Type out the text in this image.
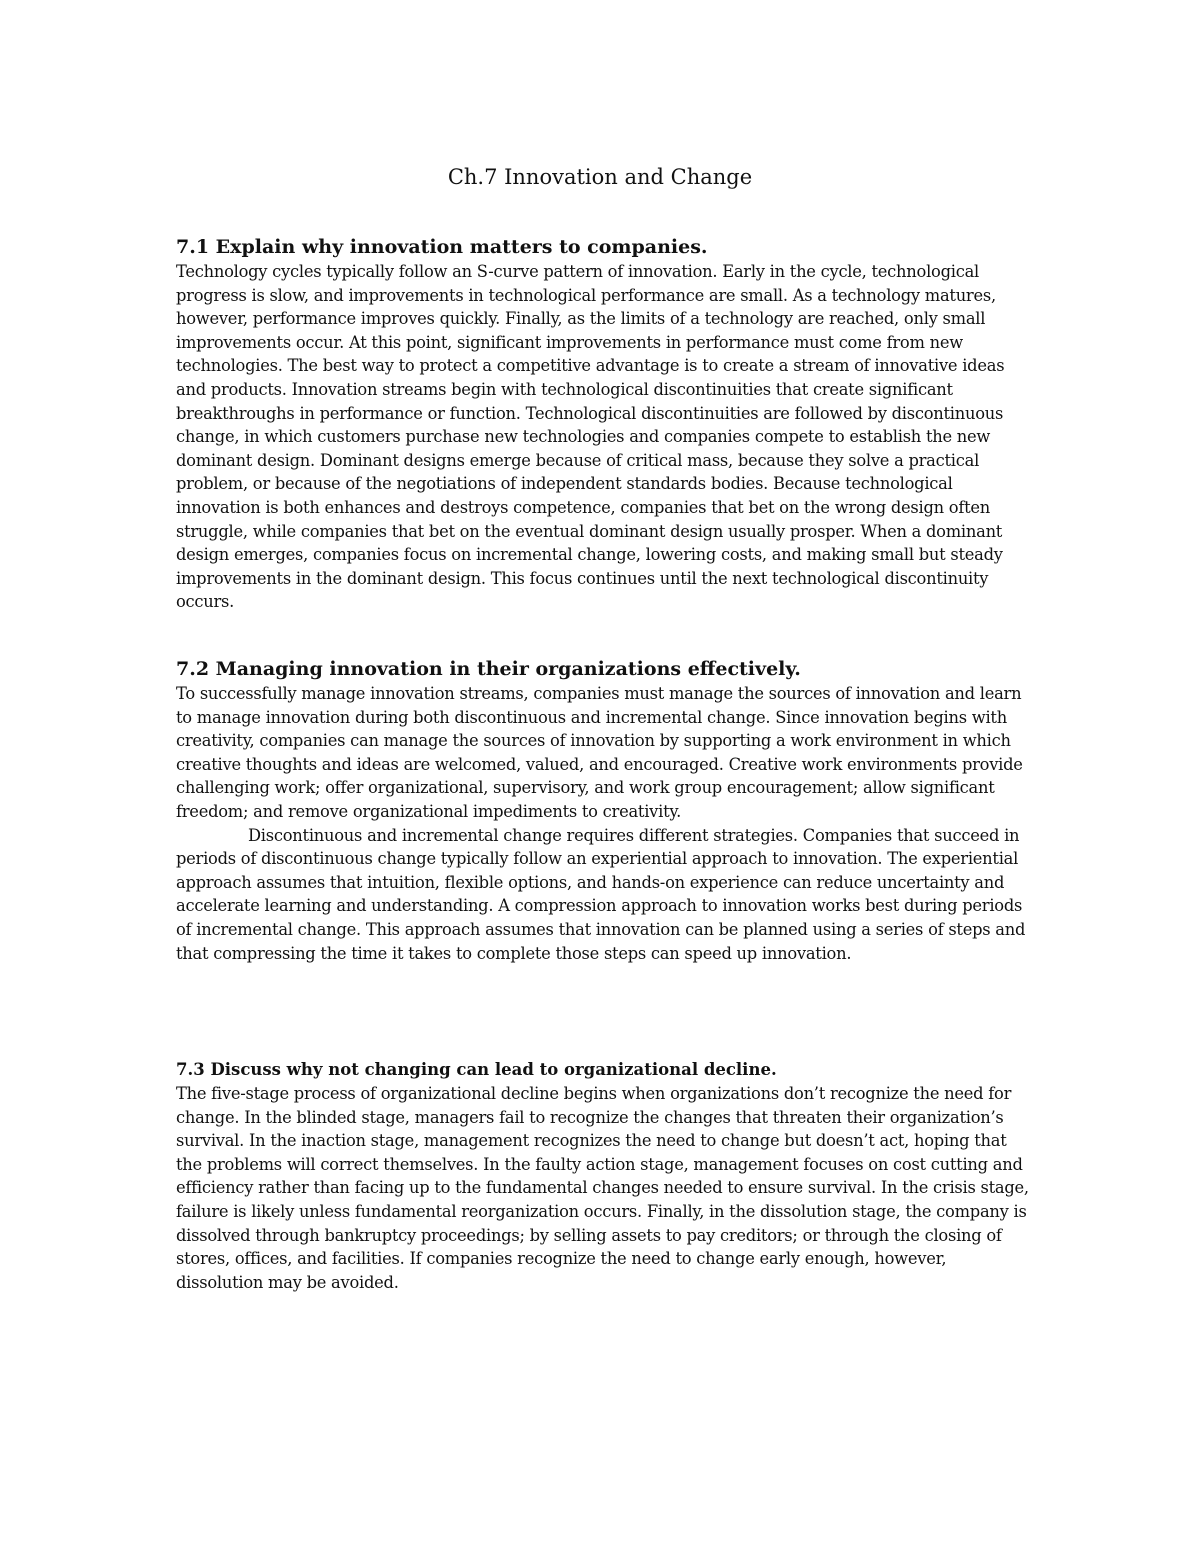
Ch.7 Innovation and Change
7.1 Explain why innovation matters to companies.

Technology cycles typically follow an S-curve pattern of innovation. Early in the cycle, technological progress is slow, and improvements in technological performance are small. As a technology matures, however, performance improves quickly. Finally, as the limits of a technology are reached, only small improvements occur. At this point, significant improvements in performance must come from new technologies. The best way to protect a competitive advantage is to create a stream of innovative ideas and products. Innovation streams begin with technological discontinuities that create significant breakthroughs in performance or function. Technological discontinuities are followed by discontinuous change, in which customers purchase new technologies and companies compete to establish the new dominant design. Dominant designs emerge because of critical mass, because they solve a practical problem, or because of the negotiations of independent standards bodies. Because technological innovation is both enhances and destroys competence, companies that bet on the wrong design often struggle, while companies that bet on the eventual dominant design usually prosper. When a dominant design emerges, companies focus on incremental change, lowering costs, and making small but steady improvements in the dominant design. This focus continues until the next technological discontinuity occurs.

7.2 Managing innovation in their organizations effectively.

To successfully manage innovation streams, companies must manage the sources of innovation and learn to manage innovation during both discontinuous and incremental change. Since innovation begins with creativity, companies can manage the sources of innovation by supporting a work environment in which creative thoughts and ideas are welcomed, valued, and encouraged. Creative work environments provide challenging work; offer organizational, supervisory, and work group encouragement; allow significant freedom; and remove organizational impediments to creativity.

Discontinuous and incremental change requires different strategies. Companies that succeed in periods of discontinuous change typically follow an experiential approach to innovation. The experiential approach assumes that intuition, flexible options, and hands-on experience can reduce uncertainty and accelerate learning and understanding. A compression approach to innovation works best during periods of incremental change. This approach assumes that innovation can be planned using a series of steps and that compressing the time it takes to complete those steps can speed up innovation.

7.3 Discuss why not changing can lead to organizational decline.

The five-stage process of organizational decline begins when organizations don’t recognize the need for change. In the blinded stage, managers fail to recognize the changes that threaten their organization’s survival. In the inaction stage, management recognizes the need to change but doesn’t act, hoping that the problems will correct themselves. In the faulty action stage, management focuses on cost cutting and efficiency rather than facing up to the fundamental changes needed to ensure survival. In the crisis stage, failure is likely unless fundamental reorganization occurs. Finally, in the dissolution stage, the company is dissolved through bankruptcy proceedings; by selling assets to pay creditors; or through the closing of stores, offices, and facilities. If companies recognize the need to change early enough, however, dissolution may be avoided.
